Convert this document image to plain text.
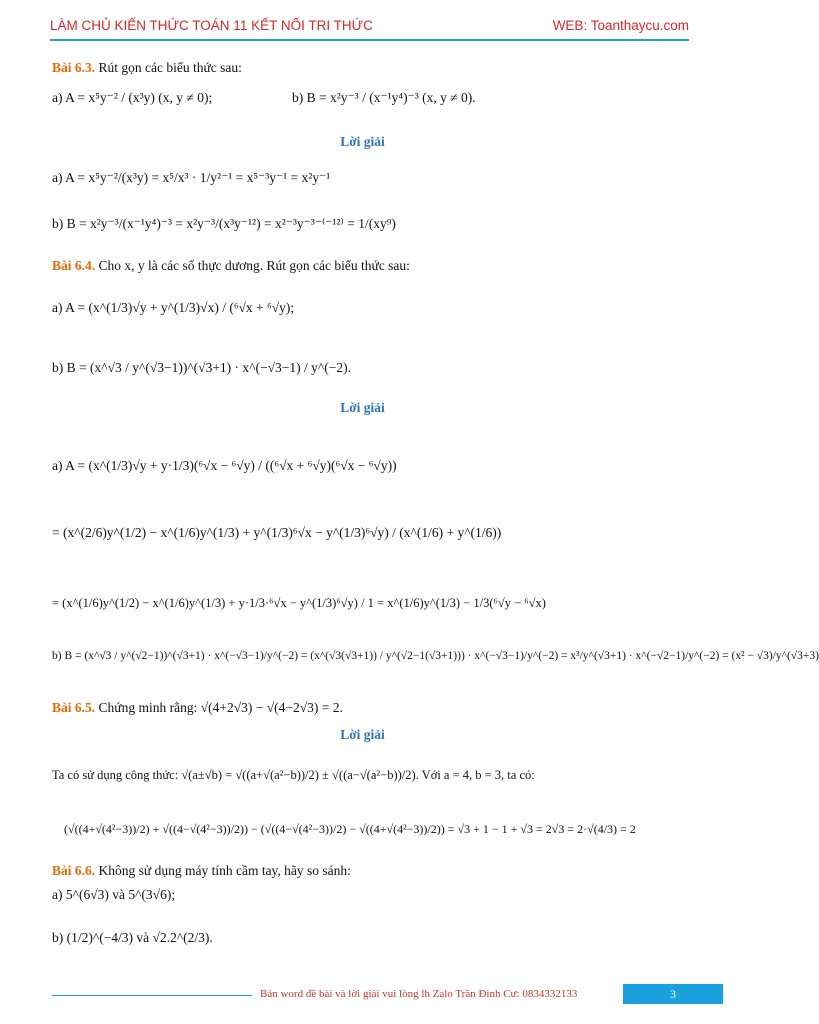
LÀM CHỦ KIẾN THỨC TOÁN 11 KẾT NỐI TRI THỨC	WEB: Toanthaycu.com
Bài 6.3. Rút gọn các biểu thức sau:
a) A = x⁵y⁻² / (x³y) (x, y ≠ 0);	b) B = x²y⁻³ / (x⁻¹y⁴)⁻³ (x, y ≠ 0).
Lời giải
a) A = x⁵y⁻²/(x³y) = x⁵/x³ · 1/y²⁻¹ = x⁵⁻³y⁻¹ = x²y⁻¹
b) B = x²y⁻³/(x⁻¹y⁴)⁻³ = x²y⁻³/(x³y⁻¹²) = x²⁻³y⁻³⁻⁽⁻¹²⁾ = 1/(xy⁹)
Bài 6.4. Cho x, y là các số thực dương. Rút gọn các biểu thức sau:
a) A = (x^(1/3)√y + y^(1/3)√x) / (⁶√x + ⁶√y);
b) B = (x^√3 / y^(√3−1))^(√3+1) · x^(−√3−1) / y^(−2).
Lời giải
a) A = (x^(1/3)√y + y·1/3)(⁶√x − ⁶√y) / ((⁶√x + ⁶√y)(⁶√x − ⁶√y))
= (x^(2/6)y^(1/2) − x^(1/6)y^(1/3) + y^(1/3)⁶√x − y^(1/3)⁶√y) / (x^(1/6) + y^(1/6))
= (x^(1/6)y^(1/2) − x^(1/6)y^(1/3) + y·1/3·⁶√x − y^(1/3)⁶√y) / 1 = x^(1/6)y^(1/3) − 1/3(⁶√y − ⁶√x)
b) B = (x^√3 / y^(√2−1))^(√3+1) · x^(−√3−1)/y^(−2) = (x^(√3(√3+1)) / y^(√2−1(√3+1))) · x^(−√3−1)/y^(−2) = x³/y^(√3+1) · x^(−√2−1)/y^(−2) = (x² − √3)/y^(√3+3)
Bài 6.5. Chứng minh rằng: √(4+2√3) − √(4−2√3) = 2.
Lời giải
Ta có sử dụng công thức: √(a±√b) = √((a+√(a²−b))/2) ± √((a−√(a²−b))/2). Với a = 4, b = 3, ta có:
(√((4+√(4²−3))/2) + √((4−√(4²−3))/2)) − (√((4−√(4²−3))/2) − √((4+√(4²−3))/2)) = √3 + 1 − 1 + √3 = 2√3 = 2·√(4/3) = 2
Bài 6.6. Không sử dụng máy tính cầm tay, hãy so sánh:
a) 5^(6√3) và 5^(3√6);
b) (1/2)^(−4/3) và √2.2^(2/3).
Bản word đề bài và lời giải vui lòng lh Zalo Trần Đình Cư: 0834332133	3
